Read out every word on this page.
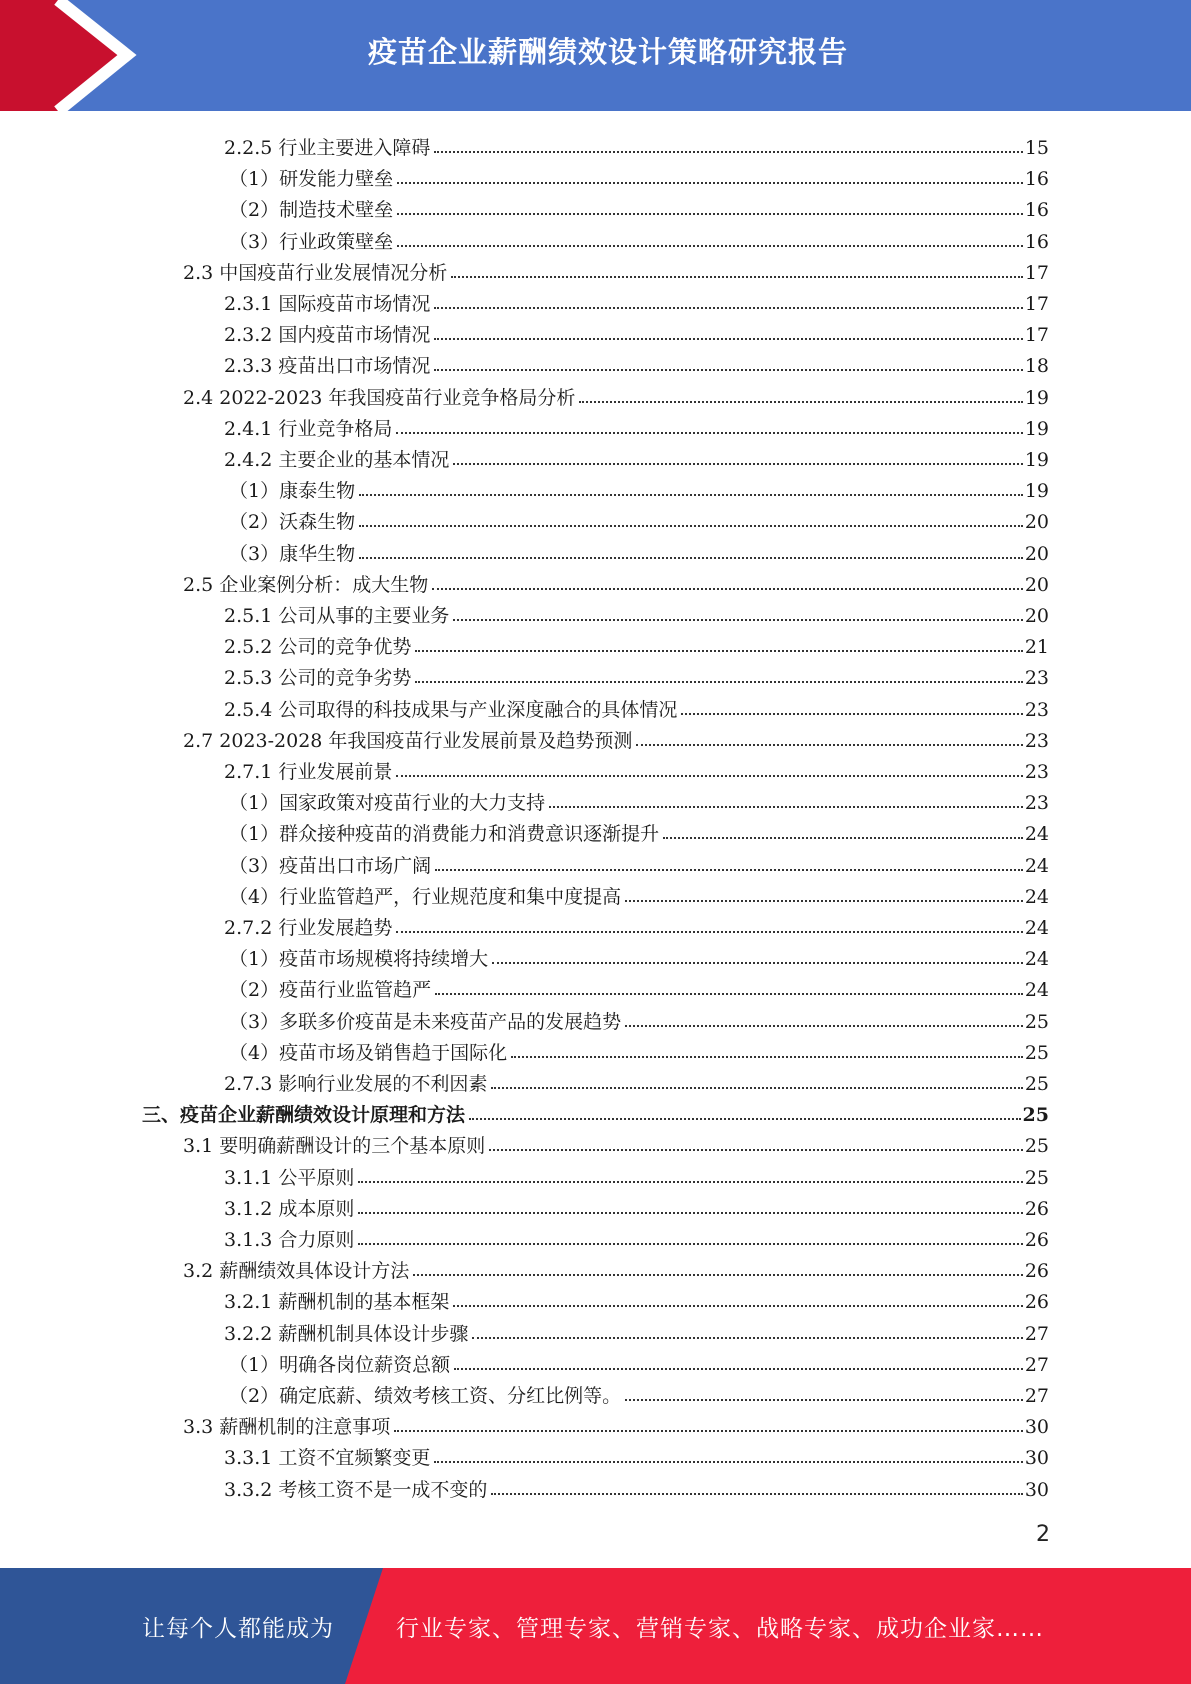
疫苗企业薪酬绩效设计策略研究报告
2.2.5 行业主要进入障碍	15
（1）研发能力壁垒	16
（2）制造技术壁垒	16
（3）行业政策壁垒	16
2.3 中国疫苗行业发展情况分析	17
2.3.1 国际疫苗市场情况	17
2.3.2 国内疫苗市场情况	17
2.3.3 疫苗出口市场情况	18
2.4 2022-2023 年我国疫苗行业竞争格局分析	19
2.4.1 行业竞争格局	19
2.4.2 主要企业的基本情况	19
（1）康泰生物	19
（2）沃森生物	20
（3）康华生物	20
2.5 企业案例分析：成大生物	20
2.5.1 公司从事的主要业务	20
2.5.2 公司的竞争优势	21
2.5.3 公司的竞争劣势	23
2.5.4 公司取得的科技成果与产业深度融合的具体情况	23
2.7 2023-2028 年我国疫苗行业发展前景及趋势预测	23
2.7.1 行业发展前景	23
（1）国家政策对疫苗行业的大力支持	23
（1）群众接种疫苗的消费能力和消费意识逐渐提升	24
（3）疫苗出口市场广阔	24
（4）行业监管趋严，行业规范度和集中度提高	24
2.7.2 行业发展趋势	24
（1）疫苗市场规模将持续增大	24
（2）疫苗行业监管趋严	24
（3）多联多价疫苗是未来疫苗产品的发展趋势	25
（4）疫苗市场及销售趋于国际化	25
2.7.3 影响行业发展的不利因素	25
三、疫苗企业薪酬绩效设计原理和方法	25
3.1 要明确薪酬设计的三个基本原则	25
3.1.1 公平原则	25
3.1.2 成本原则	26
3.1.3 合力原则	26
3.2 薪酬绩效具体设计方法	26
3.2.1 薪酬机制的基本框架	26
3.2.2 薪酬机制具体设计步骤	27
（1）明确各岗位薪资总额	27
（2）确定底薪、绩效考核工资、分红比例等。	27
3.3 薪酬机制的注意事项	30
3.3.1 工资不宜频繁变更	30
3.3.2 考核工资不是一成不变的	30
2
让每个人都能成为	行业专家、管理专家、营销专家、战略专家、成功企业家……
